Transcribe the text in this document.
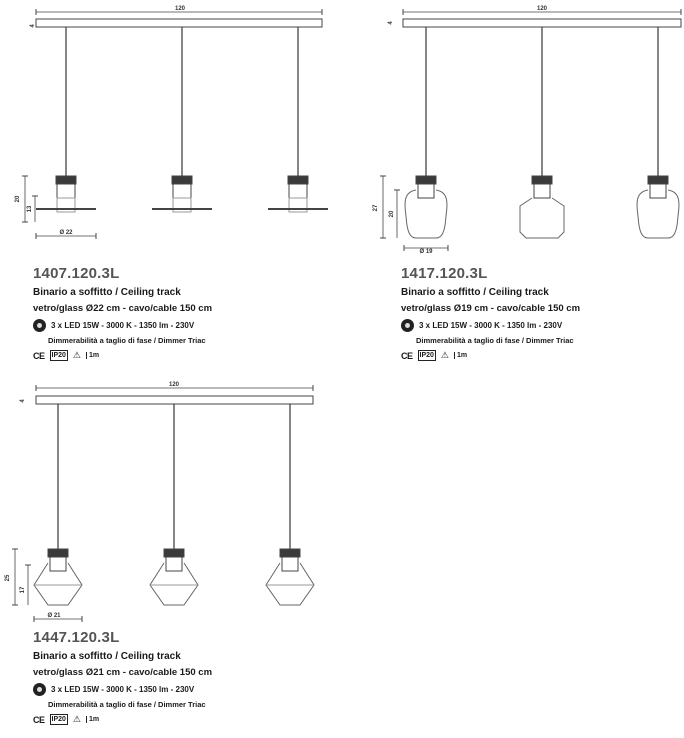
120
4
20
13
Ø 22
120
4
27
20
Ø 19
120
4
25
17
Ø 21
1407.120.3L
Binario a soffitto / Ceiling track
vetro/glass Ø22 cm - cavo/cable 150 cm
3 x LED 15W - 3000 K - 1350 lm - 230V
Dimmerabilità a taglio di fase / Dimmer Triac
CE IP20 ⚠	1m
1417.120.3L
Binario a soffitto / Ceiling track
vetro/glass Ø19 cm - cavo/cable 150 cm
3 x LED 15W - 3000 K - 1350 lm - 230V
Dimmerabilità a taglio di fase / Dimmer Triac
CE IP20 ⚠	1m
1447.120.3L
Binario a soffitto / Ceiling track
vetro/glass Ø21 cm - cavo/cable 150 cm
3 x LED 15W - 3000 K - 1350 lm - 230V
Dimmerabilità a taglio di fase / Dimmer Triac
CE IP20 ⚠	1m
